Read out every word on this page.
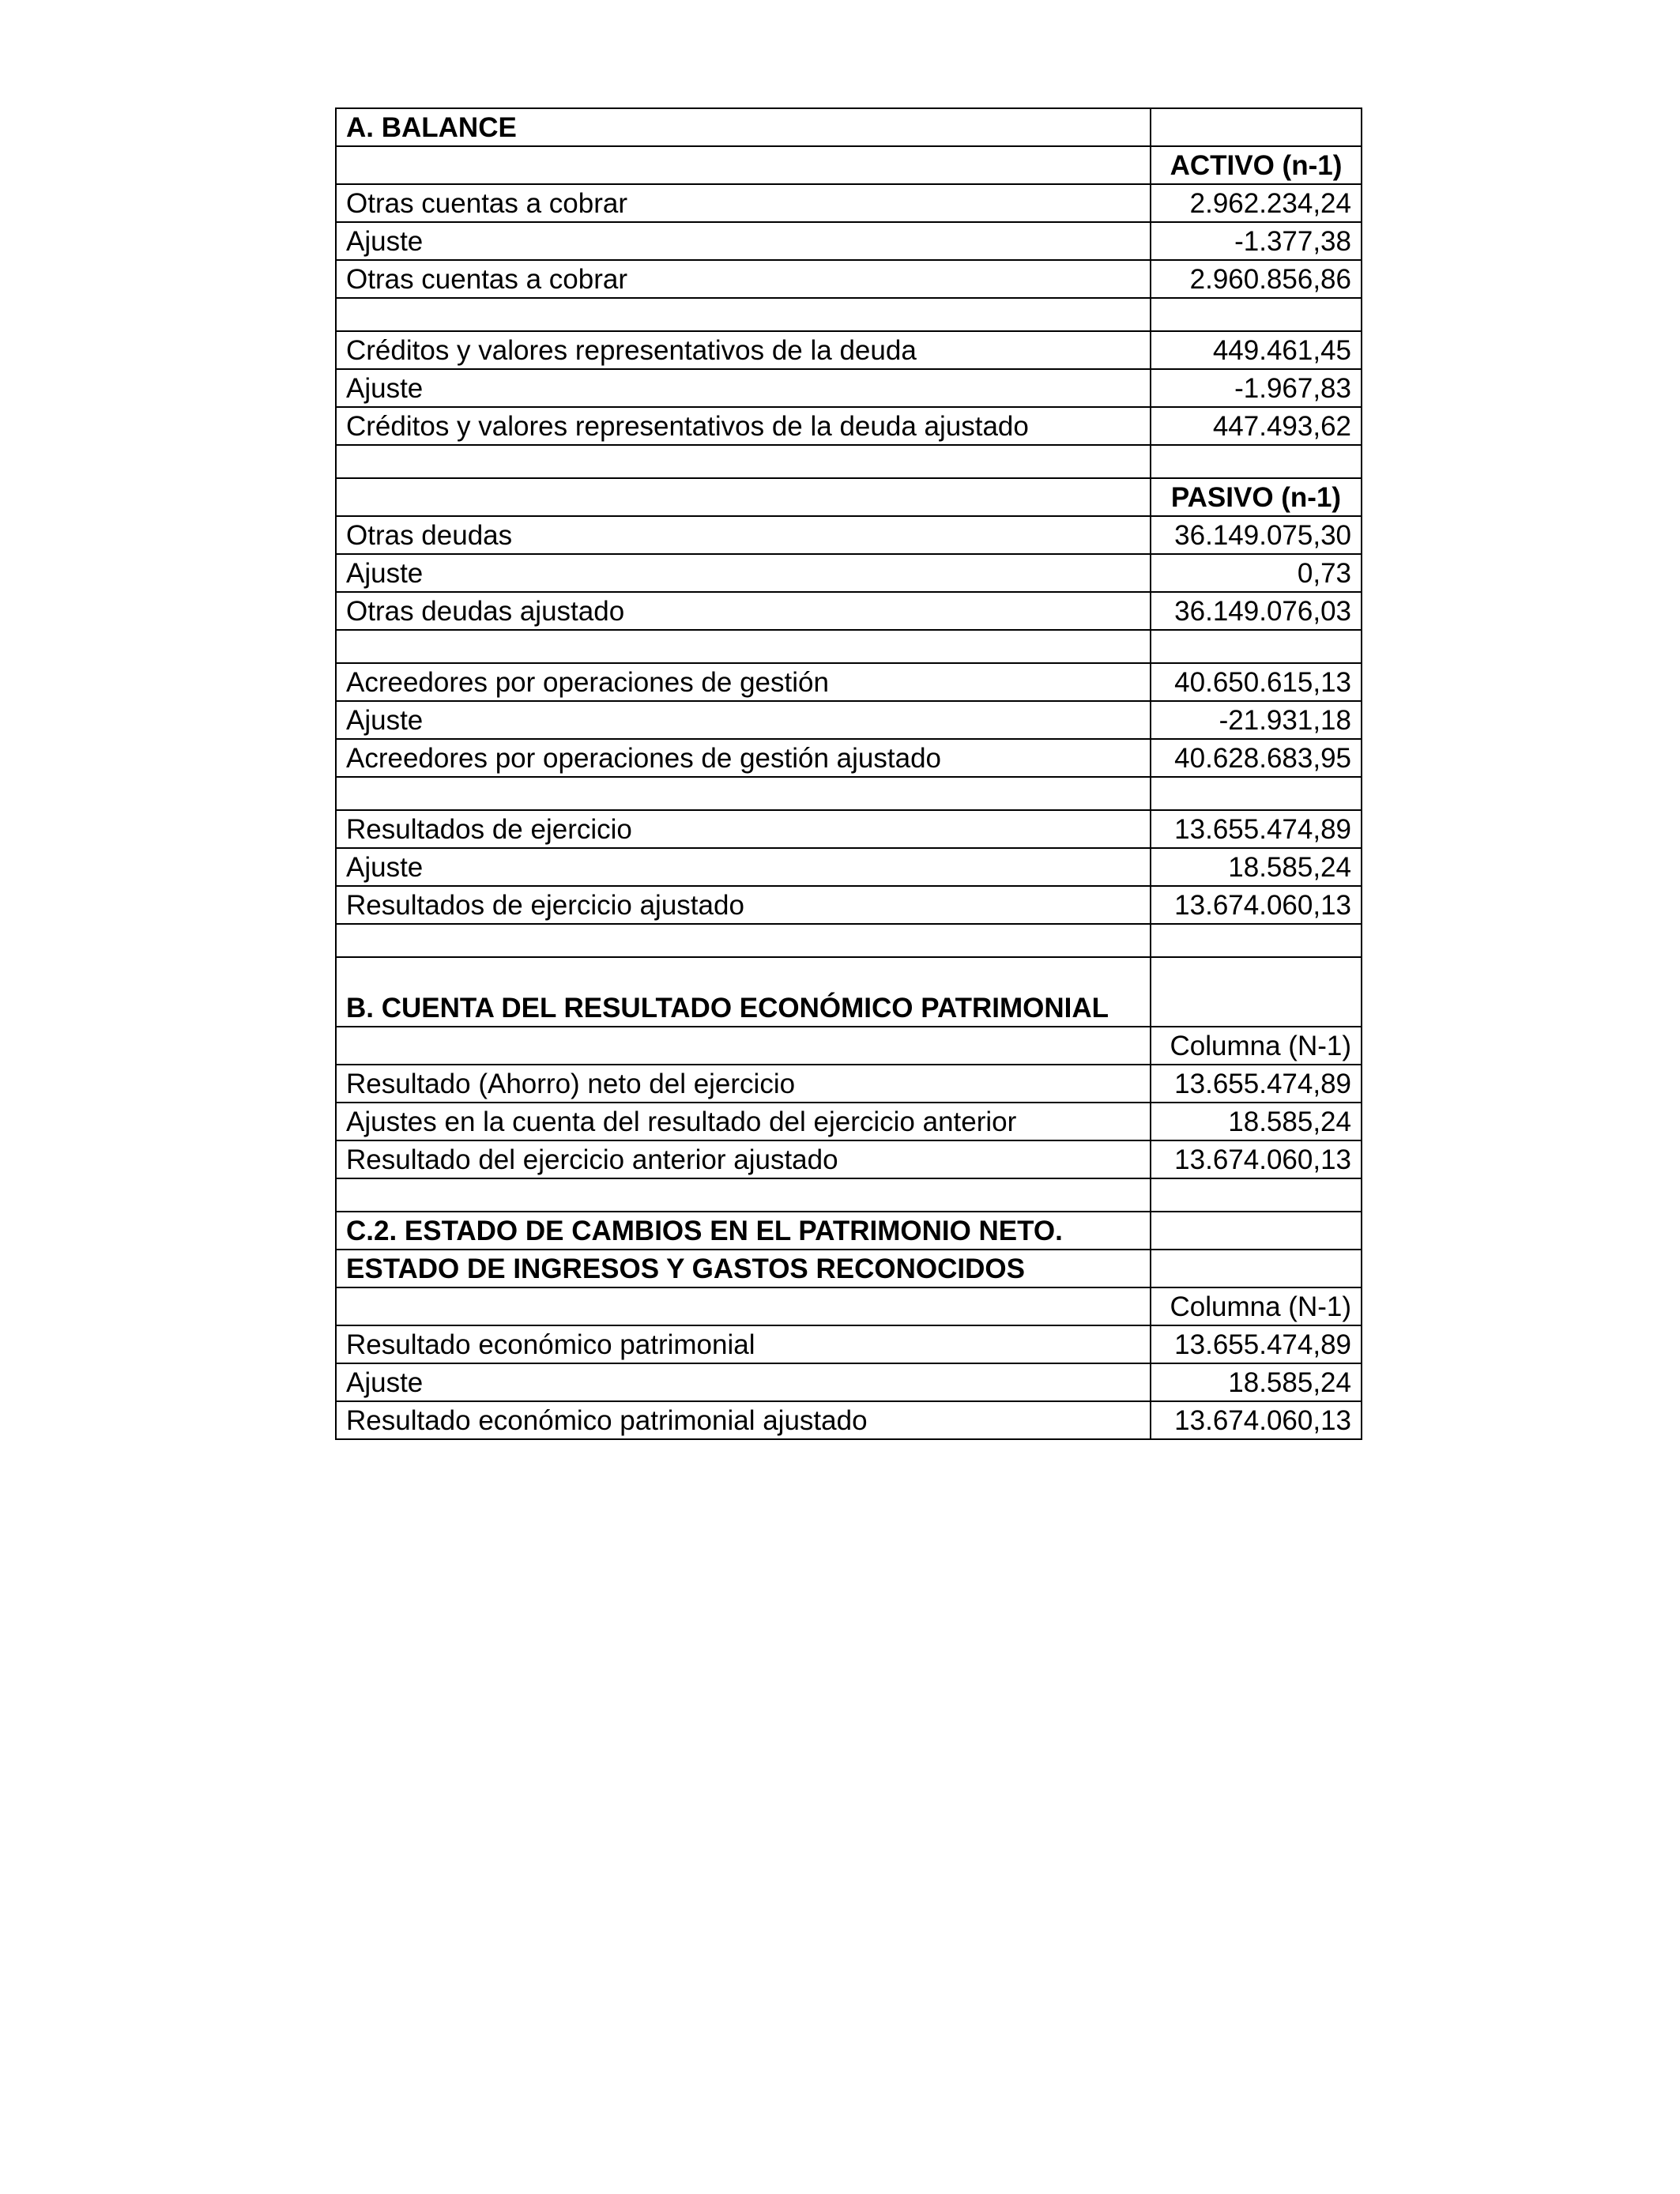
A. BALANCE	
	ACTIVO (n-1)
Otras cuentas a cobrar	2.962.234,24
Ajuste	-1.377,38
Otras cuentas a cobrar	2.960.856,86

Créditos y valores representativos de la deuda	449.461,45
Ajuste	-1.967,83
Créditos y valores representativos de la deuda ajustado	447.493,62

	PASIVO (n-1)
Otras deudas	36.149.075,30
Ajuste	0,73
Otras deudas ajustado	36.149.076,03

Acreedores por operaciones de gestión	40.650.615,13
Ajuste	-21.931,18
Acreedores por operaciones de gestión ajustado	40.628.683,95

Resultados de ejercicio	13.655.474,89
Ajuste	18.585,24
Resultados de ejercicio ajustado	13.674.060,13

B. CUENTA DEL RESULTADO ECONÓMICO PATRIMONIAL	
	Columna (N-1)
Resultado (Ahorro) neto del ejercicio	13.655.474,89
Ajustes en la cuenta del resultado del ejercicio anterior	18.585,24
Resultado del ejercicio anterior ajustado	13.674.060,13

C.2. ESTADO DE CAMBIOS EN EL PATRIMONIO NETO.	
ESTADO DE INGRESOS Y GASTOS RECONOCIDOS	
	Columna (N-1)
Resultado económico patrimonial	13.655.474,89
Ajuste	18.585,24
Resultado económico patrimonial ajustado	13.674.060,13
